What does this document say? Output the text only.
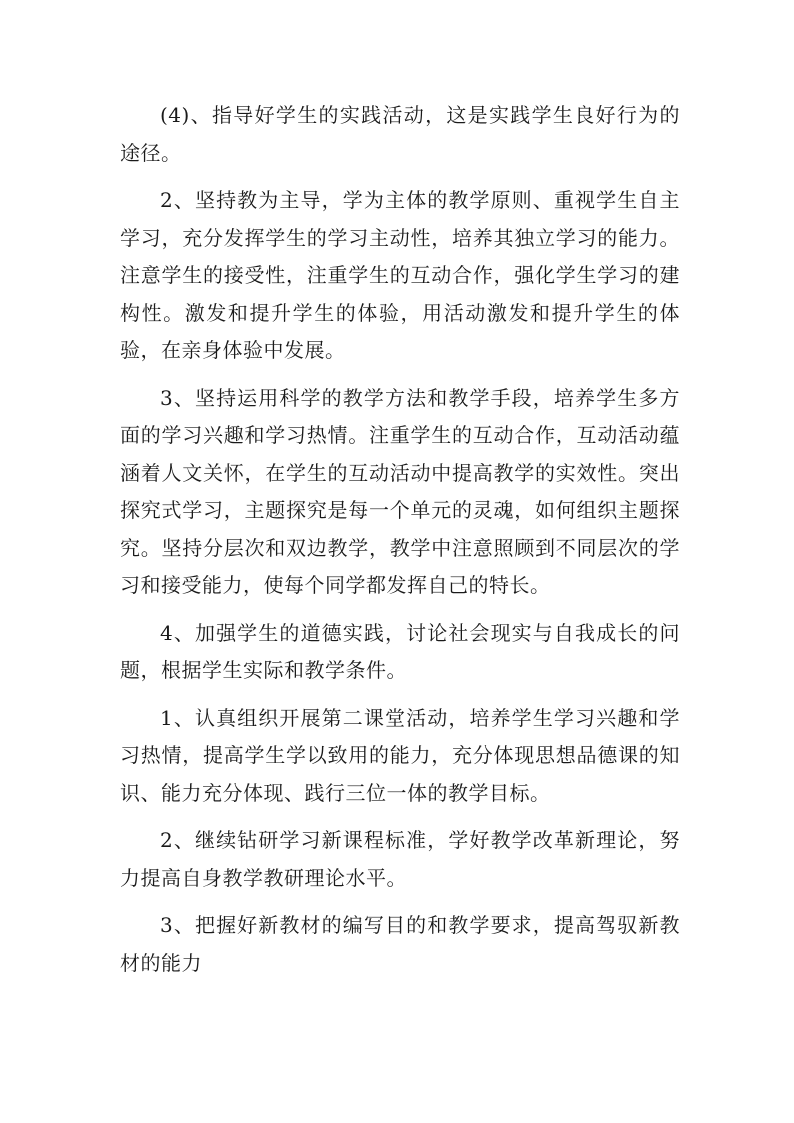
(4)、指导好学生的实践活动，这是实践学生良好行为的途径。

2、坚持教为主导，学为主体的教学原则、重视学生自主学习，充分发挥学生的学习主动性，培养其独立学习的能力。注意学生的接受性，注重学生的互动合作，强化学生学习的建构性。激发和提升学生的体验，用活动激发和提升学生的体验，在亲身体验中发展。

3、坚持运用科学的教学方法和教学手段，培养学生多方面的学习兴趣和学习热情。注重学生的互动合作，互动活动蕴涵着人文关怀，在学生的互动活动中提高教学的实效性。突出探究式学习，主题探究是每一个单元的灵魂，如何组织主题探究。坚持分层次和双边教学，教学中注意照顾到不同层次的学习和接受能力，使每个同学都发挥自己的特长。

4、加强学生的道德实践，讨论社会现实与自我成长的问题，根据学生实际和教学条件。

1、认真组织开展第二课堂活动，培养学生学习兴趣和学习热情，提高学生学以致用的能力，充分体现思想品德课的知识、能力充分体现、践行三位一体的教学目标。

2、继续钻研学习新课程标准，学好教学改革新理论，努力提高自身教学教研理论水平。

3、把握好新教材的编写目的和教学要求，提高驾驭新教材的能力
